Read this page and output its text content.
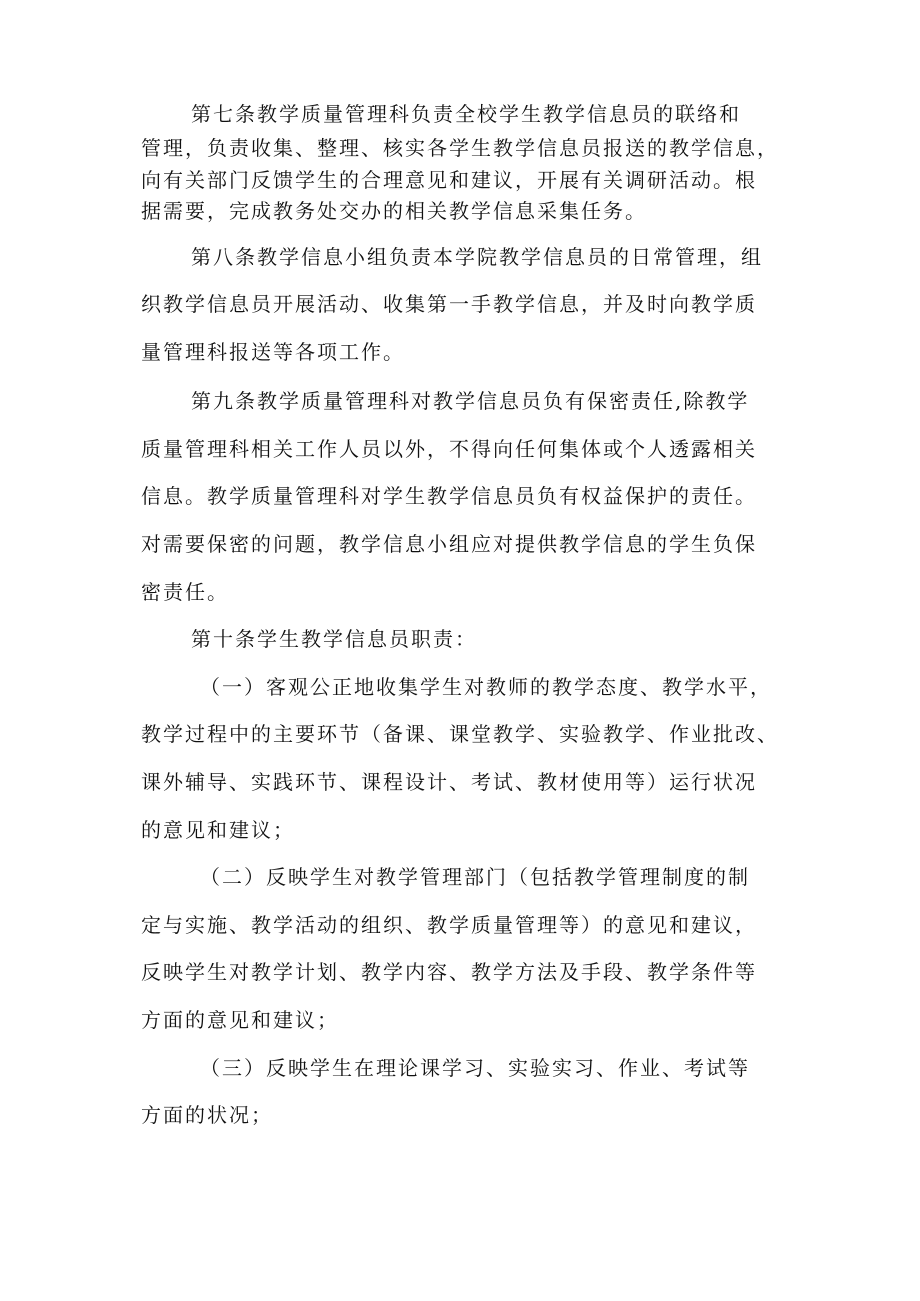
第七条教学质量管理科负责全校学生教学信息员的联络和
管理，负责收集、整理、核实各学生教学信息员报送的教学信息，
向有关部门反馈学生的合理意见和建议，开展有关调研活动。根
据需要，完成教务处交办的相关教学信息采集任务。
第八条教学信息小组负责本学院教学信息员的日常管理，组
织教学信息员开展活动、收集第一手教学信息，并及时向教学质
量管理科报送等各项工作。
第九条教学质量管理科对教学信息员负有保密责任,除教学
质量管理科相关工作人员以外，不得向任何集体或个人透露相关
信息。教学质量管理科对学生教学信息员负有权益保护的责任。
对需要保密的问题，教学信息小组应对提供教学信息的学生负保
密责任。
第十条学生教学信息员职责：
（一）客观公正地收集学生对教师的教学态度、教学水平，
教学过程中的主要环节（备课、课堂教学、实验教学、作业批改、
课外辅导、实践环节、课程设计、考试、教材使用等）运行状况
的意见和建议；
（二）反映学生对教学管理部门（包括教学管理制度的制
定与实施、教学活动的组织、教学质量管理等）的意见和建议，
反映学生对教学计划、教学内容、教学方法及手段、教学条件等
方面的意见和建议；
（三）反映学生在理论课学习、实验实习、作业、考试等
方面的状况；
